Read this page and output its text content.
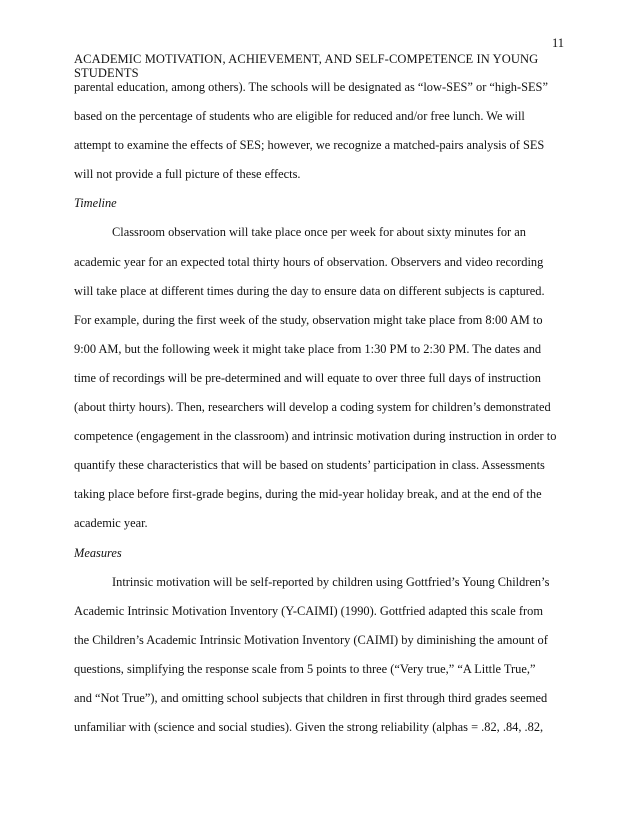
11
ACADEMIC MOTIVATION, ACHIEVEMENT, AND SELF-COMPETENCE IN YOUNG
STUDENTS
parental education, among others). The schools will be designated as “low-SES” or “high-SES”
based on the percentage of students who are eligible for reduced and/or free lunch. We will
attempt to examine the effects of SES; however, we recognize a matched-pairs analysis of SES
will not provide a full picture of these effects.
Timeline
Classroom observation will take place once per week for about sixty minutes for an
academic year for an expected total thirty hours of observation. Observers and video recording
will take place at different times during the day to ensure data on different subjects is captured.
For example, during the first week of the study, observation might take place from 8:00 AM to
9:00 AM, but the following week it might take place from 1:30 PM to 2:30 PM. The dates and
time of recordings will be pre-determined and will equate to over three full days of instruction
(about thirty hours). Then, researchers will develop a coding system for children’s demonstrated
competence (engagement in the classroom) and intrinsic motivation during instruction in order to
quantify these characteristics that will be based on students’ participation in class. Assessments
taking place before first-grade begins, during the mid-year holiday break, and at the end of the
academic year.
Measures
Intrinsic motivation will be self-reported by children using Gottfried’s Young Children’s
Academic Intrinsic Motivation Inventory (Y-CAIMI) (1990). Gottfried adapted this scale from
the Children’s Academic Intrinsic Motivation Inventory (CAIMI) by diminishing the amount of
questions, simplifying the response scale from 5 points to three (“Very true,” “A Little True,”
and “Not True”), and omitting school subjects that children in first through third grades seemed
unfamiliar with (science and social studies). Given the strong reliability (alphas = .82, .84, .82,
